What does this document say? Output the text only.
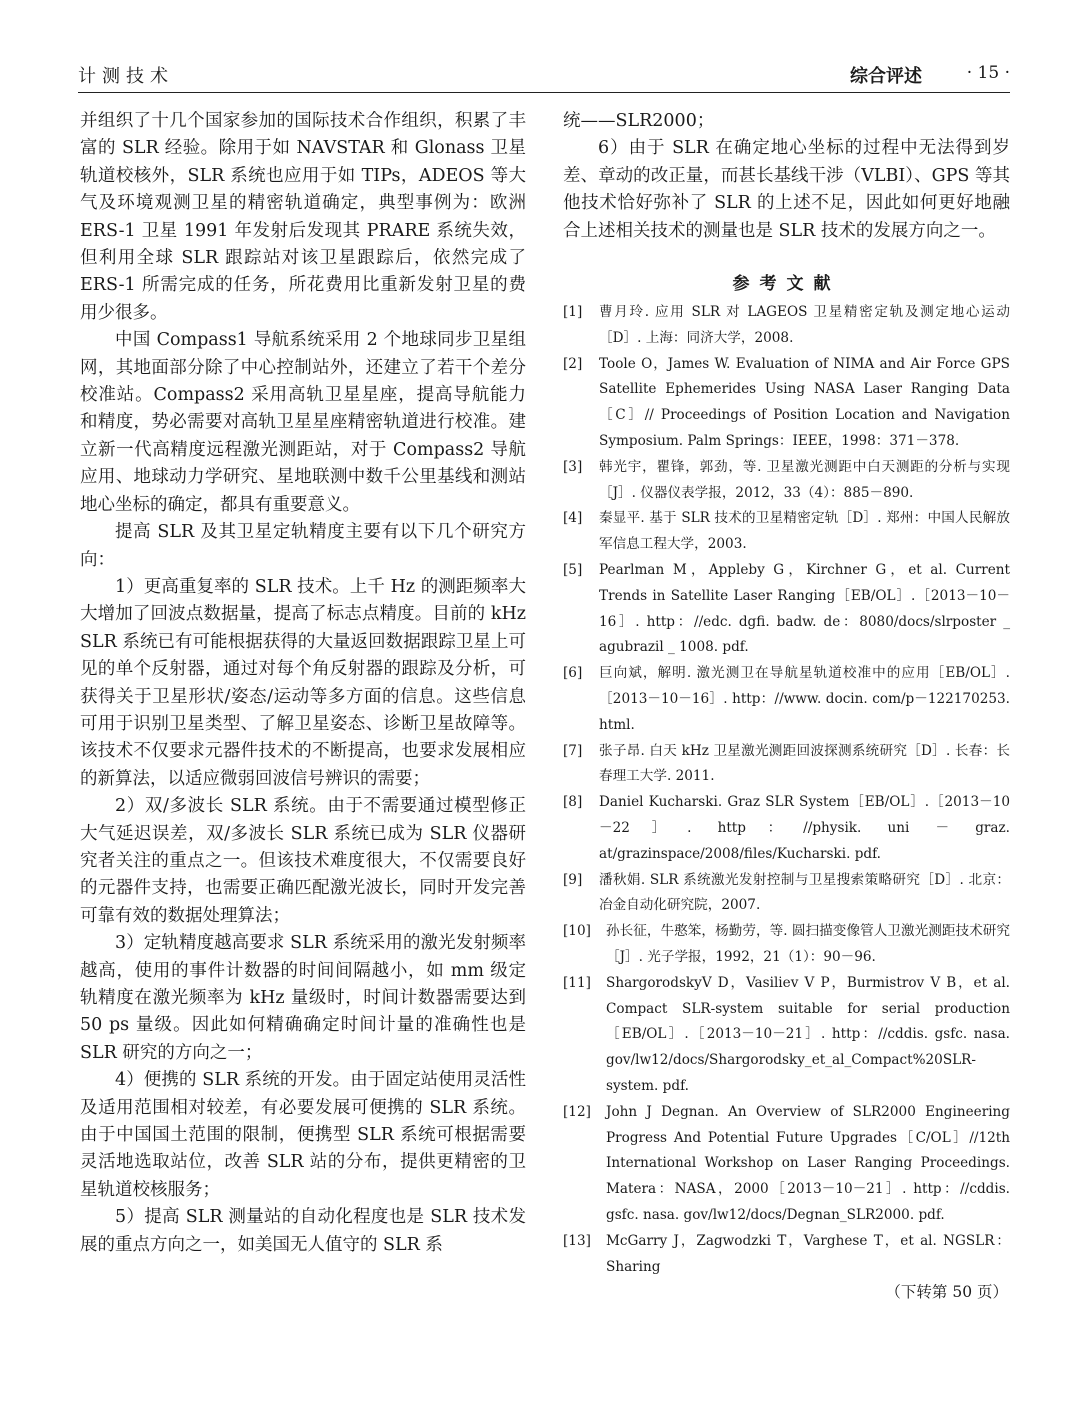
计测技术	综合评述	· 15 ·

并组织了十几个国家参加的国际技术合作组织，积累了丰富的 SLR 经验。除用于如 NAVSTAR 和 Glonass 卫星轨道校核外，SLR 系统也应用于如 TIPs，ADEOS 等大气及环境观测卫星的精密轨道确定，典型事例为：欧洲 ERS-1 卫星 1991 年发射后发现其 PRARE 系统失效，但利用全球 SLR 跟踪站对该卫星跟踪后，依然完成了 ERS-1 所需完成的任务，所花费用比重新发射卫星的费用少很多。

中国 Compass1 导航系统采用 2 个地球同步卫星组网，其地面部分除了中心控制站外，还建立了若干个差分校准站。Compass2 采用高轨卫星星座，提高导航能力和精度，势必需要对高轨卫星星座精密轨道进行校准。建立新一代高精度远程激光测距站，对于 Compass2 导航应用、地球动力学研究、星地联测中数千公里基线和测站地心坐标的确定，都具有重要意义。

提高 SLR 及其卫星定轨精度主要有以下几个研究方向：

1）更高重复率的 SLR 技术。上千 Hz 的测距频率大大增加了回波点数据量，提高了标志点精度。目前的 kHz SLR 系统已有可能根据获得的大量返回数据跟踪卫星上可见的单个反射器，通过对每个角反射器的跟踪及分析，可获得关于卫星形状/姿态/运动等多方面的信息。这些信息可用于识别卫星类型、了解卫星姿态、诊断卫星故障等。该技术不仅要求元器件技术的不断提高，也要求发展相应的新算法，以适应微弱回波信号辨识的需要；

2）双/多波长 SLR 系统。由于不需要通过模型修正大气延迟误差，双/多波长 SLR 系统已成为 SLR 仪器研究者关注的重点之一。但该技术难度很大，不仅需要良好的元器件支持，也需要正确匹配激光波长，同时开发完善可靠有效的数据处理算法；

3）定轨精度越高要求 SLR 系统采用的激光发射频率越高，使用的事件计数器的时间间隔越小，如 mm 级定轨精度在激光频率为 kHz 量级时，时间计数器需要达到 50 ps 量级。因此如何精确确定时间计量的准确性也是 SLR 研究的方向之一；

4）便携的 SLR 系统的开发。由于固定站使用灵活性及适用范围相对较差，有必要发展可便携的 SLR 系统。由于中国国土范围的限制，便携型 SLR 系统可根据需要灵活地选取站位，改善 SLR 站的分布，提供更精密的卫星轨道校核服务；

5）提高 SLR 测量站的自动化程度也是 SLR 技术发展的重点方向之一，如美国无人值守的 SLR 系

统——SLR2000；

6）由于 SLR 在确定地心坐标的过程中无法得到岁差、章动的改正量，而甚长基线干涉（VLBI）、GPS 等其他技术恰好弥补了 SLR 的上述不足，因此如何更好地融合上述相关技术的测量也是 SLR 技术的发展方向之一。

参考文献
[1] 曹月玲. 应用 SLR 对 LAGEOS 卫星精密定轨及测定地心运动［D］. 上海：同济大学，2008.
[2] Toole O，James W. Evaluation of NIMA and Air Force GPS Satellite Ephemerides Using NASA Laser Ranging Data［C］// Proceedings of Position Location and Navigation Symposium. Palm Springs：IEEE，1998：371－378.
[3] 韩光宇，瞿锋，郭劲，等. 卫星激光测距中白天测距的分析与实现［J］. 仪器仪表学报，2012，33（4）：885－890.
[4] 秦显平. 基于 SLR 技术的卫星精密定轨［D］. 郑州：中国人民解放军信息工程大学，2003.
[5] Pearlman M，Appleby G，Kirchner G，et al. Current Trends in Satellite Laser Ranging［EB/OL］.［2013－10－16］. http：//edc. dgfi. badw. de：8080/docs/slrposter _ agubrazil _ 1008. pdf.
[6] 巨向斌，解明. 激光测卫在导航星轨道校准中的应用［EB/OL］.［2013－10－16］. http：//www. docin. com/p－122170253. html.
[7] 张子昂. 白天 kHz 卫星激光测距回波探测系统研究［D］. 长春：长春理工大学. 2011.
[8] Daniel Kucharski. Graz SLR System［EB/OL］.［2013－10－22］. http：//physik. uni － graz. at/grazinspace/2008/files/Kucharski. pdf.
[9] 潘秋娟. SLR 系统激光发射控制与卫星搜索策略研究［D］. 北京：冶金自动化研究院，2007.
[10] 孙长征，牛憨笨，杨勤劳，等. 圆扫描变像管人卫激光测距技术研究［J］. 光子学报，1992，21（1）：90－96.
[11] ShargorodskyV D，Vasiliev V P，Burmistrov V B，et al. Compact SLR-system suitable for serial production［EB/OL］.［2013－10－21］. http：//cddis. gsfc. nasa. gov/lw12/docs/Shargorodsky_et_al_Compact%20SLR-system. pdf.
[12] John J Degnan. An Overview of SLR2000 Engineering Progress And Potential Future Upgrades［C/OL］//12th International Workshop on Laser Ranging Proceedings. Matera：NASA，2000［2013－10－21］. http：//cddis. gsfc. nasa. gov/lw12/docs/Degnan_SLR2000. pdf.
[13] McGarry J，Zagwodzki T，Varghese T，et al. NGSLR：Sharing

（下转第 50 页）
